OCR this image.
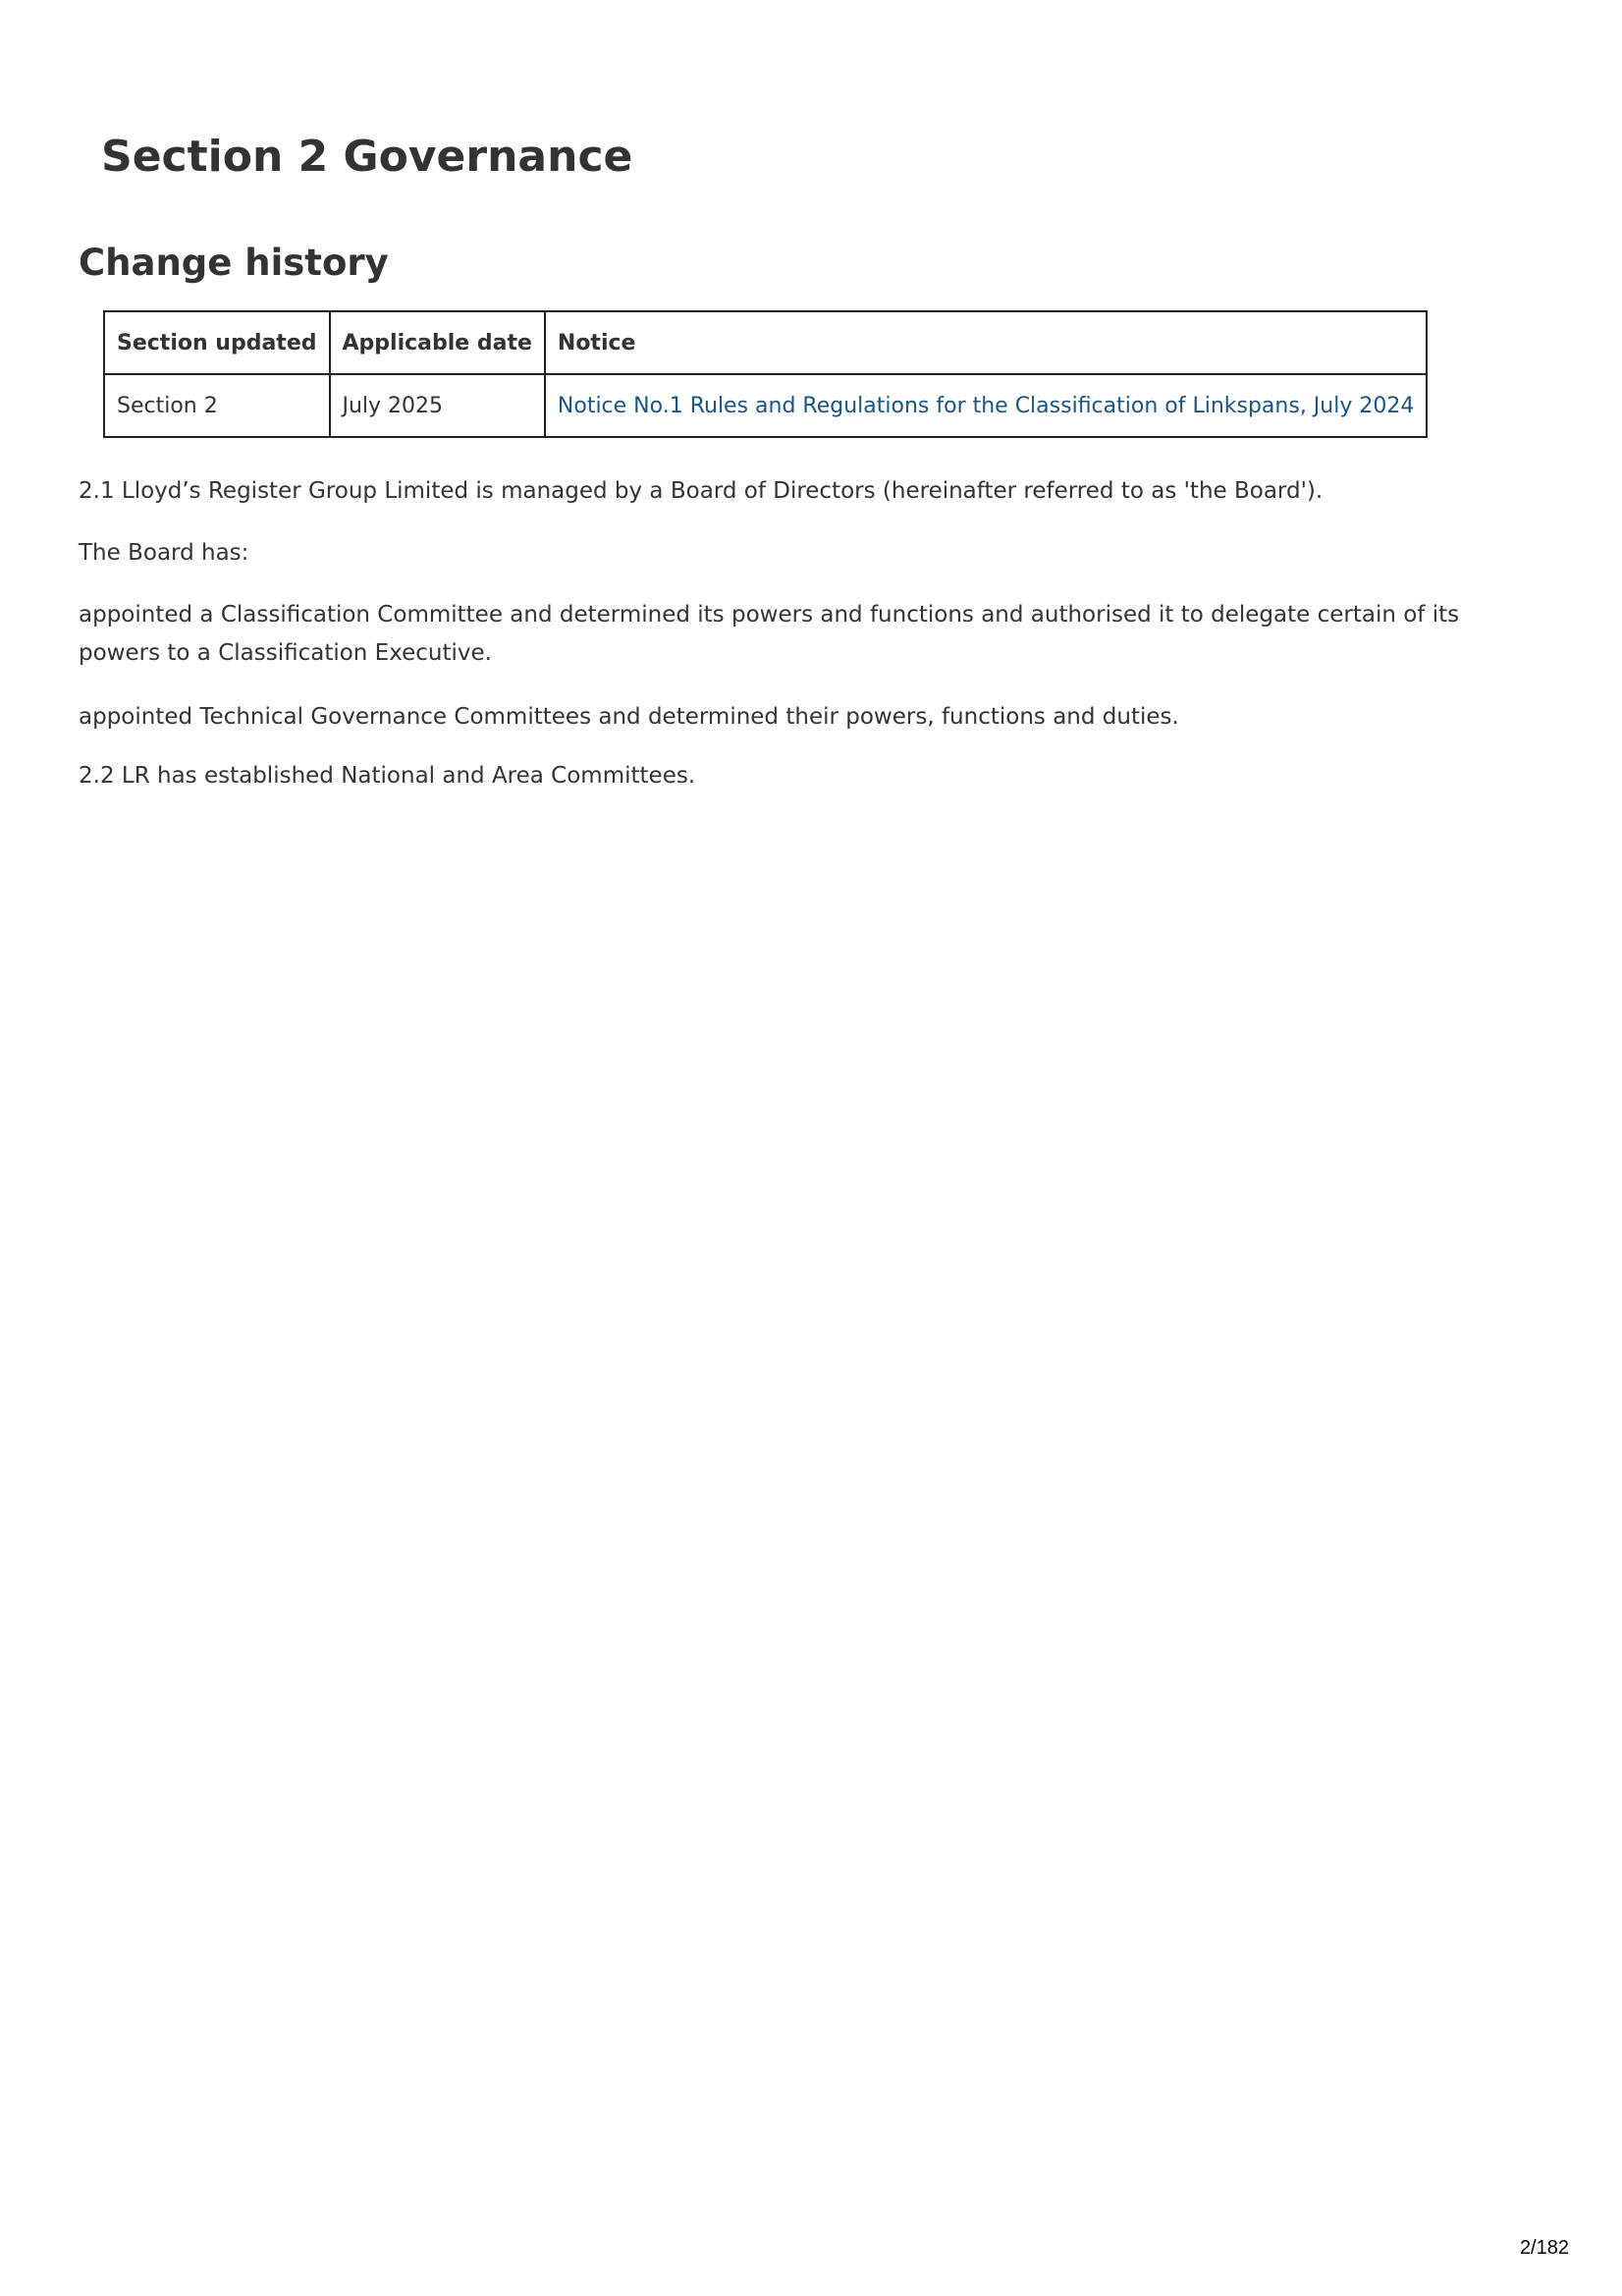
Section 2 Governance
Change history
Section updated	Applicable date	Notice
Section 2	July 2025	Notice No.1 Rules and Regulations for the Classification of Linkspans, July 2024

2.1 Lloyd’s Register Group Limited is managed by a Board of Directors (hereinafter referred to as 'the Board').

The Board has:

appointed a Classification Committee and determined its powers and functions and authorised it to delegate certain of its powers to a Classification Executive.

appointed Technical Governance Committees and determined their powers, functions and duties.

2.2 LR has established National and Area Committees.

2/182
